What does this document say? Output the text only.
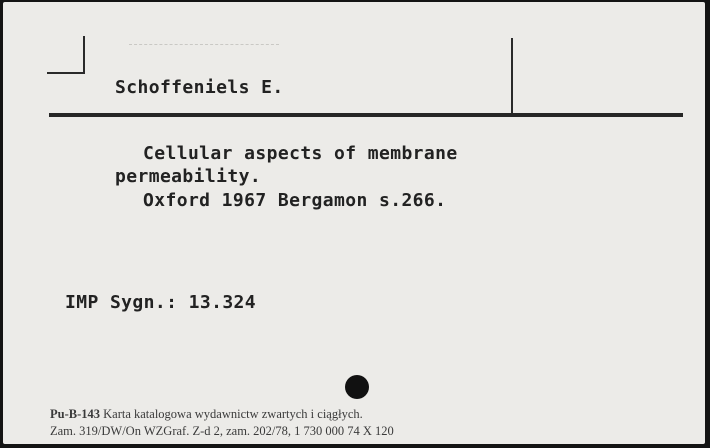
Schoffeniels E.
Cellular aspects of membrane
permeability.
Oxford 1967 Bergamon s.266.
IMP Sygn.: 13.324
Pu-B-143 Karta katalogowa wydawnictw zwartych i ciągłych.
Zam. 319/DW/On WZGraf. Z-d 2, zam. 202/78, 1 730 000 74 X 120
